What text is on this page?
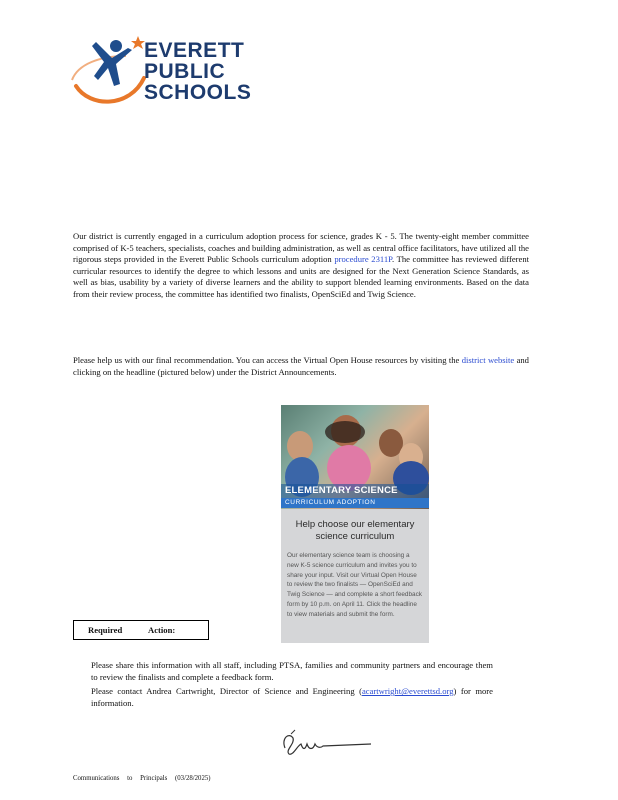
EVERETT
PUBLIC
SCHOOLS
Our district is currently engaged in a curriculum adoption process for science, grades K - 5. The twenty-eight member committee comprised of K-5 teachers, specialists, coaches and building administration, as well as central office facilitators, have utilized all the rigorous steps provided in the Everett Public Schools curriculum adoption procedure 2311P. The committee has reviewed different curricular resources to identify the degree to which lessons and units are designed for the Next Generation Science Standards, as well as bias, usability by a variety of diverse learners and the ability to support blended learning environments. Based on the data from their review process, the committee has identified two finalists, OpenSciEd and Twig Science.
Please help us with our final recommendation. You can access the Virtual Open House resources by visiting the district website and clicking on the headline (pictured below) under the District Announcements.
ELEMENTARY SCIENCE
CURRICULUM ADOPTION
Help choose our elementary science curriculum
Our elementary science team is choosing a new K-5 science curriculum and invites you to share your input. Visit our Virtual Open House to review the two finalists — OpenSciEd and Twig Science — and complete a short feedback form by 10 p.m. on April 11. Click the headline to view materials and submit the form.
Required	Action:
Please share this information with all staff, including PTSA, families and community partners and encourage them to review the finalists and complete a feedback form.
Please contact Andrea Cartwright, Director of Science and Engineering (acartwright@everettsd.org) for more information.
Communications to Principals (03/28/2025)
